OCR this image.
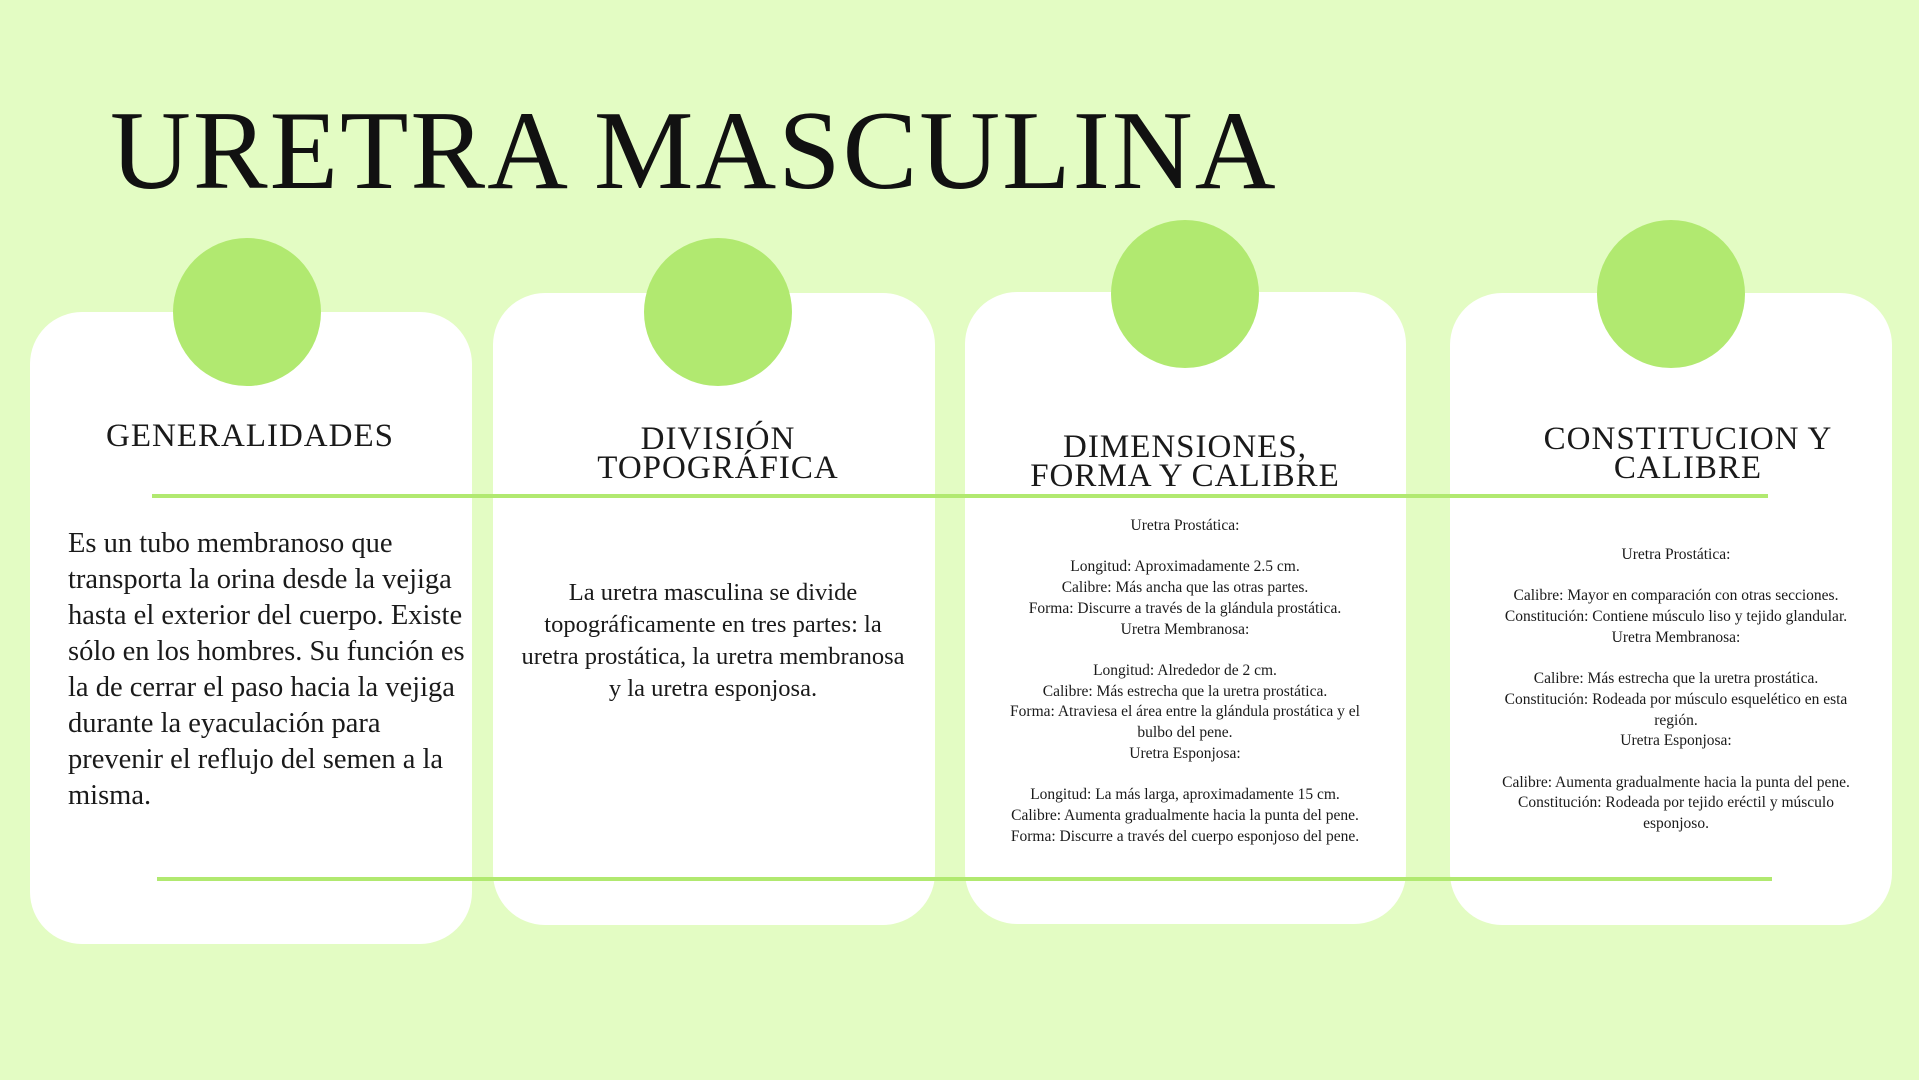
URETRA MASCULINA
GENERALIDADES	DIVISIÓN
TOPOGRÁFICA
DIMENSIONES,
FORMA Y CALIBRE
CONSTITUCION Y
CALIBRE

Es un tubo membranoso que transporta la orina desde la vejiga hasta el exterior del cuerpo. Existe sólo en los hombres. Su función es la de cerrar el paso hacia la vejiga durante la eyaculación para prevenir el reflujo del semen a la misma.

La uretra masculina se divide topográficamente en tres partes: la uretra prostática, la uretra membranosa y la uretra esponjosa.

Uretra Prostática:

Longitud: Aproximadamente 2.5 cm.
Calibre: Más ancha que las otras partes.
Forma: Discurre a través de la glándula prostática.
Uretra Membranosa:

Longitud: Alrededor de 2 cm.
Calibre: Más estrecha que la uretra prostática.
Forma: Atraviesa el área entre la glándula prostática y el
bulbo del pene.
Uretra Esponjosa:

Longitud: La más larga, aproximadamente 15 cm.
Calibre: Aumenta gradualmente hacia la punta del pene.
Forma: Discurre a través del cuerpo esponjoso del pene.

Uretra Prostática:

Calibre: Mayor en comparación con otras secciones.
Constitución: Contiene músculo liso y tejido glandular.
Uretra Membranosa:

Calibre: Más estrecha que la uretra prostática.
Constitución: Rodeada por músculo esquelético en esta
región.
Uretra Esponjosa:

Calibre: Aumenta gradualmente hacia la punta del pene.
Constitución: Rodeada por tejido eréctil y músculo
esponjoso.
